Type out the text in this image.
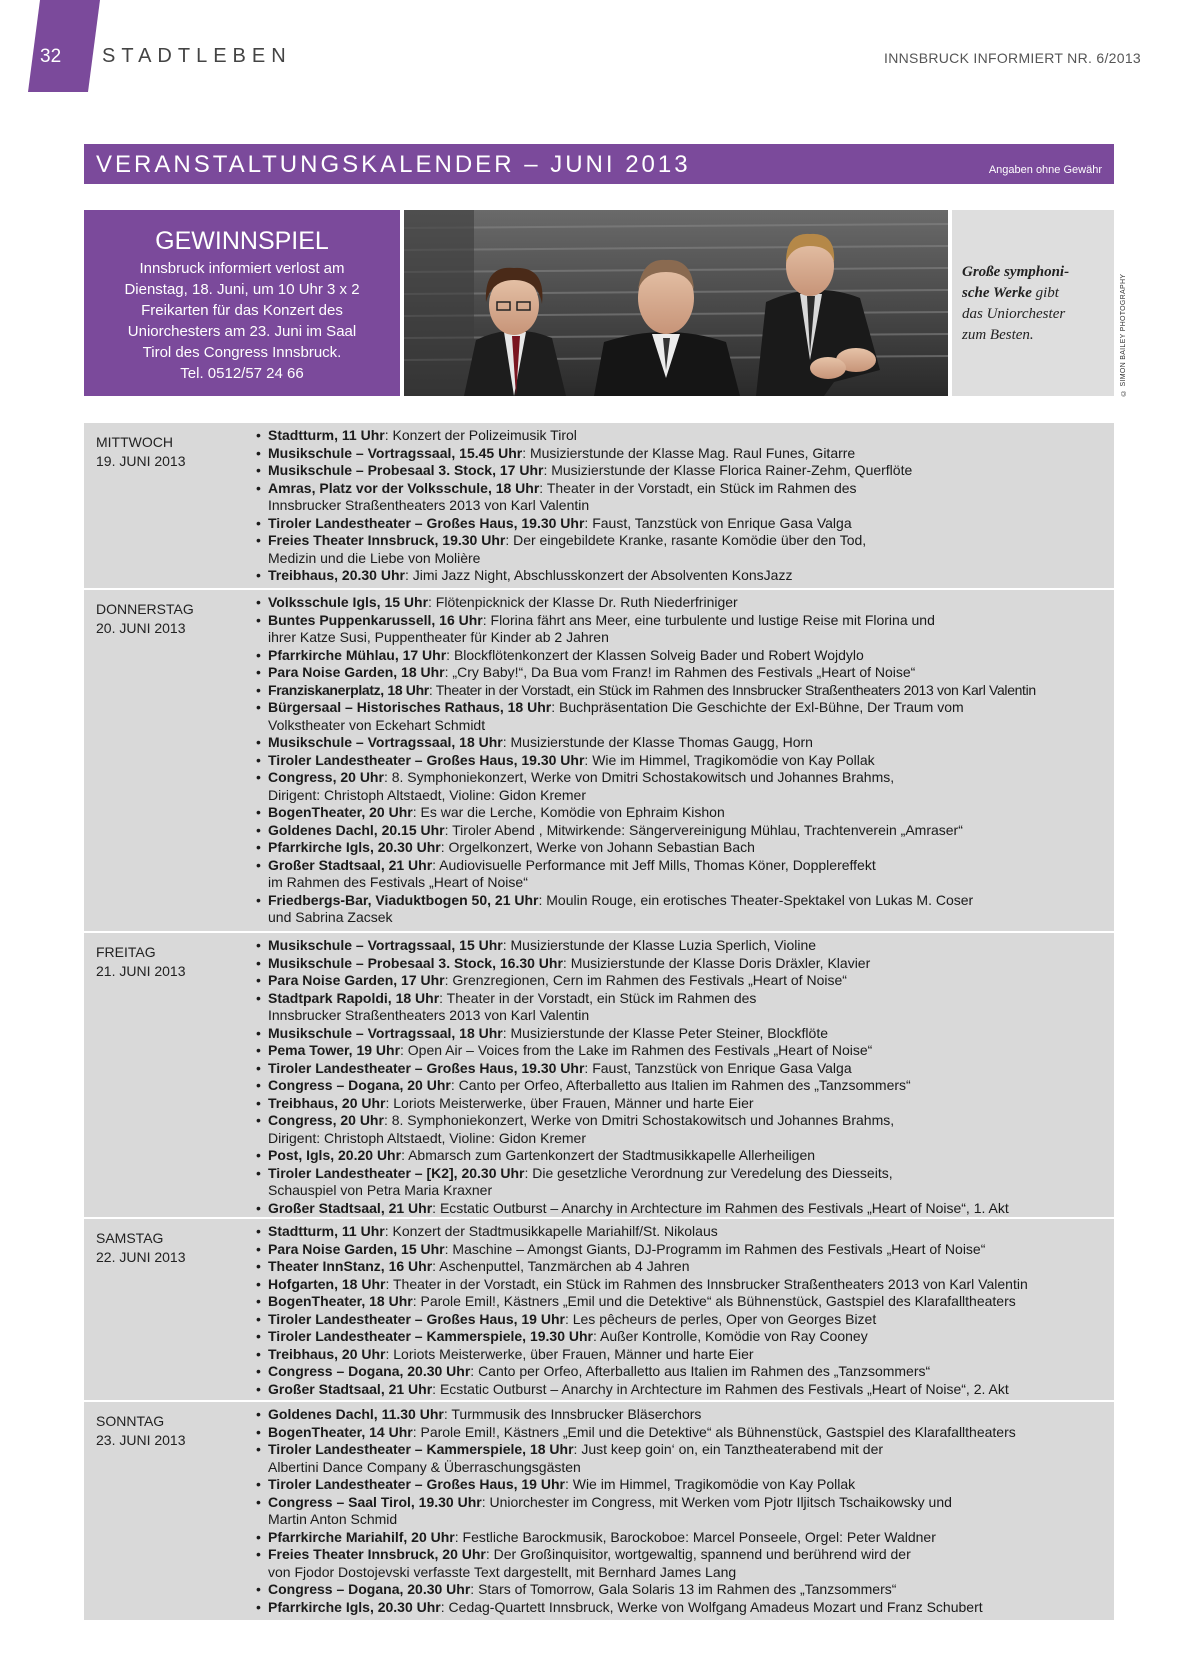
32 STADTLEBEN	INNSBRUCK INFORMIERT NR. 6/2013
VERANSTALTUNGSKALENDER – JUNI 2013	Angaben ohne Gewähr
GEWINNSPIEL
Innsbruck informiert verlost am
Dienstag, 18. Juni, um 10 Uhr 3 x 2
Freikarten für das Konzert des
Uniorchesters am 23. Juni im Saal
Tirol des Congress Innsbruck.
Tel. 0512/57 24 66
Große symphoni-sche Werke gibt das Uniorchester zum Besten.	© SIMON BAILEY PHOTOGRAPHY
MITTWOCH
19. JUNI 2013
• Stadtturm, 11 Uhr: Konzert der Polizeimusik Tirol
• Musikschule – Vortragssaal, 15.45 Uhr: Musizierstunde der Klasse Mag. Raul Funes, Gitarre
• Musikschule – Probesaal 3. Stock, 17 Uhr: Musizierstunde der Klasse Florica Rainer-Zehm, Querflöte
• Amras, Platz vor der Volksschule, 18 Uhr: Theater in der Vorstadt, ein Stück im Rahmen des
Innsbrucker Straßentheaters 2013 von Karl Valentin
• Tiroler Landestheater – Großes Haus, 19.30 Uhr: Faust, Tanzstück von Enrique Gasa Valga
• Freies Theater Innsbruck, 19.30 Uhr: Der eingebildete Kranke, rasante Komödie über den Tod,
Medizin und die Liebe von Molière
• Treibhaus, 20.30 Uhr: Jimi Jazz Night, Abschlusskonzert der Absolventen KonsJazz
DONNERSTAG
20. JUNI 2013
• Volksschule Igls, 15 Uhr: Flötenpicknick der Klasse Dr. Ruth Niederfriniger
• Buntes Puppenkarussell, 16 Uhr: Florina fährt ans Meer, eine turbulente und lustige Reise mit Florina und
ihrer Katze Susi, Puppentheater für Kinder ab 2 Jahren
• Pfarrkirche Mühlau, 17 Uhr: Blockflötenkonzert der Klassen Solveig Bader und Robert Wojdylo
• Para Noise Garden, 18 Uhr: „Cry Baby!“, Da Bua vom Franz! im Rahmen des Festivals „Heart of Noise“
• Franziskanerplatz, 18 Uhr: Theater in der Vorstadt, ein Stück im Rahmen des Innsbrucker Straßentheaters 2013 von Karl Valentin
• Bürgersaal – Historisches Rathaus, 18 Uhr: Buchpräsentation Die Geschichte der Exl-Bühne, Der Traum vom
Volkstheater von Eckehart Schmidt
• Musikschule – Vortragssaal, 18 Uhr: Musizierstunde der Klasse Thomas Gaugg, Horn
• Tiroler Landestheater – Großes Haus, 19.30 Uhr: Wie im Himmel, Tragikomödie von Kay Pollak
• Congress, 20 Uhr: 8. Symphoniekonzert, Werke von Dmitri Schostakowitsch und Johannes Brahms,
Dirigent: Christoph Altstaedt, Violine: Gidon Kremer
• BogenTheater, 20 Uhr: Es war die Lerche, Komödie von Ephraim Kishon
• Goldenes Dachl, 20.15 Uhr: Tiroler Abend , Mitwirkende: Sängervereinigung Mühlau, Trachtenverein „Amraser“
• Pfarrkirche Igls, 20.30 Uhr: Orgelkonzert, Werke von Johann Sebastian Bach
• Großer Stadtsaal, 21 Uhr: Audiovisuelle Performance mit Jeff Mills, Thomas Köner, Dopplereffekt
im Rahmen des Festivals „Heart of Noise“
• Friedbergs-Bar, Viaduktbogen 50, 21 Uhr: Moulin Rouge, ein erotisches Theater-Spektakel von Lukas M. Coser
und Sabrina Zacsek
FREITAG
21. JUNI 2013
• Musikschule – Vortragssaal, 15 Uhr: Musizierstunde der Klasse Luzia Sperlich, Violine
• Musikschule – Probesaal 3. Stock, 16.30 Uhr: Musizierstunde der Klasse Doris Dräxler, Klavier
• Para Noise Garden, 17 Uhr: Grenzregionen, Cern im Rahmen des Festivals „Heart of Noise“
• Stadtpark Rapoldi, 18 Uhr: Theater in der Vorstadt, ein Stück im Rahmen des
Innsbrucker Straßentheaters 2013 von Karl Valentin
• Musikschule – Vortragssaal, 18 Uhr: Musizierstunde der Klasse Peter Steiner, Blockflöte
• Pema Tower, 19 Uhr: Open Air – Voices from the Lake im Rahmen des Festivals „Heart of Noise“
• Tiroler Landestheater – Großes Haus, 19.30 Uhr: Faust, Tanzstück von Enrique Gasa Valga
• Congress – Dogana, 20 Uhr: Canto per Orfeo, Afterballetto aus Italien im Rahmen des „Tanzsommers“
• Treibhaus, 20 Uhr: Loriots Meisterwerke, über Frauen, Männer und harte Eier
• Congress, 20 Uhr: 8. Symphoniekonzert, Werke von Dmitri Schostakowitsch und Johannes Brahms,
Dirigent: Christoph Altstaedt, Violine: Gidon Kremer
• Post, Igls, 20.20 Uhr: Abmarsch zum Gartenkonzert der Stadtmusikkapelle Allerheiligen
• Tiroler Landestheater – [K2], 20.30 Uhr: Die gesetzliche Verordnung zur Veredelung des Diesseits,
Schauspiel von Petra Maria Kraxner
• Großer Stadtsaal, 21 Uhr: Ecstatic Outburst – Anarchy in Archtecture im Rahmen des Festivals „Heart of Noise“, 1. Akt
SAMSTAG
22. JUNI 2013
• Stadtturm, 11 Uhr: Konzert der Stadtmusikkapelle Mariahilf/St. Nikolaus
• Para Noise Garden, 15 Uhr: Maschine – Amongst Giants, DJ-Programm im Rahmen des Festivals „Heart of Noise“
• Theater InnStanz, 16 Uhr: Aschenputtel, Tanzmärchen ab 4 Jahren
• Hofgarten, 18 Uhr: Theater in der Vorstadt, ein Stück im Rahmen des Innsbrucker Straßentheaters 2013 von Karl Valentin
• BogenTheater, 18 Uhr: Parole Emil!, Kästners „Emil und die Detektive“ als Bühnenstück, Gastspiel des Klarafalltheaters
• Tiroler Landestheater – Großes Haus, 19 Uhr: Les pêcheurs de perles, Oper von Georges Bizet
• Tiroler Landestheater – Kammerspiele, 19.30 Uhr: Außer Kontrolle, Komödie von Ray Cooney
• Treibhaus, 20 Uhr: Loriots Meisterwerke, über Frauen, Männer und harte Eier
• Congress – Dogana, 20.30 Uhr: Canto per Orfeo, Afterballetto aus Italien im Rahmen des „Tanzsommers“
• Großer Stadtsaal, 21 Uhr: Ecstatic Outburst – Anarchy in Archtecture im Rahmen des Festivals „Heart of Noise“, 2. Akt
SONNTAG
23. JUNI 2013
• Goldenes Dachl, 11.30 Uhr: Turmmusik des Innsbrucker Bläserchors
• BogenTheater, 14 Uhr: Parole Emil!, Kästners „Emil und die Detektive“ als Bühnenstück, Gastspiel des Klarafalltheaters
• Tiroler Landestheater – Kammerspiele, 18 Uhr: Just keep goin‘ on, ein Tanztheaterabend mit der
Albertini Dance Company & Überraschungsgästen
• Tiroler Landestheater – Großes Haus, 19 Uhr: Wie im Himmel, Tragikomödie von Kay Pollak
• Congress – Saal Tirol, 19.30 Uhr: Uniorchester im Congress, mit Werken vom Pjotr Iljitsch Tschaikowsky und
Martin Anton Schmid
• Pfarrkirche Mariahilf, 20 Uhr: Festliche Barockmusik, Barockoboe: Marcel Ponseele, Orgel: Peter Waldner
• Freies Theater Innsbruck, 20 Uhr: Der Großinquisitor, wortgewaltig, spannend und berührend wird der
von Fjodor Dostojevski verfasste Text dargestellt, mit Bernhard James Lang
• Congress – Dogana, 20.30 Uhr: Stars of Tomorrow, Gala Solaris 13 im Rahmen des „Tanzsommers“
• Pfarrkirche Igls, 20.30 Uhr: Cedag-Quartett Innsbruck, Werke von Wolfgang Amadeus Mozart und Franz Schubert
